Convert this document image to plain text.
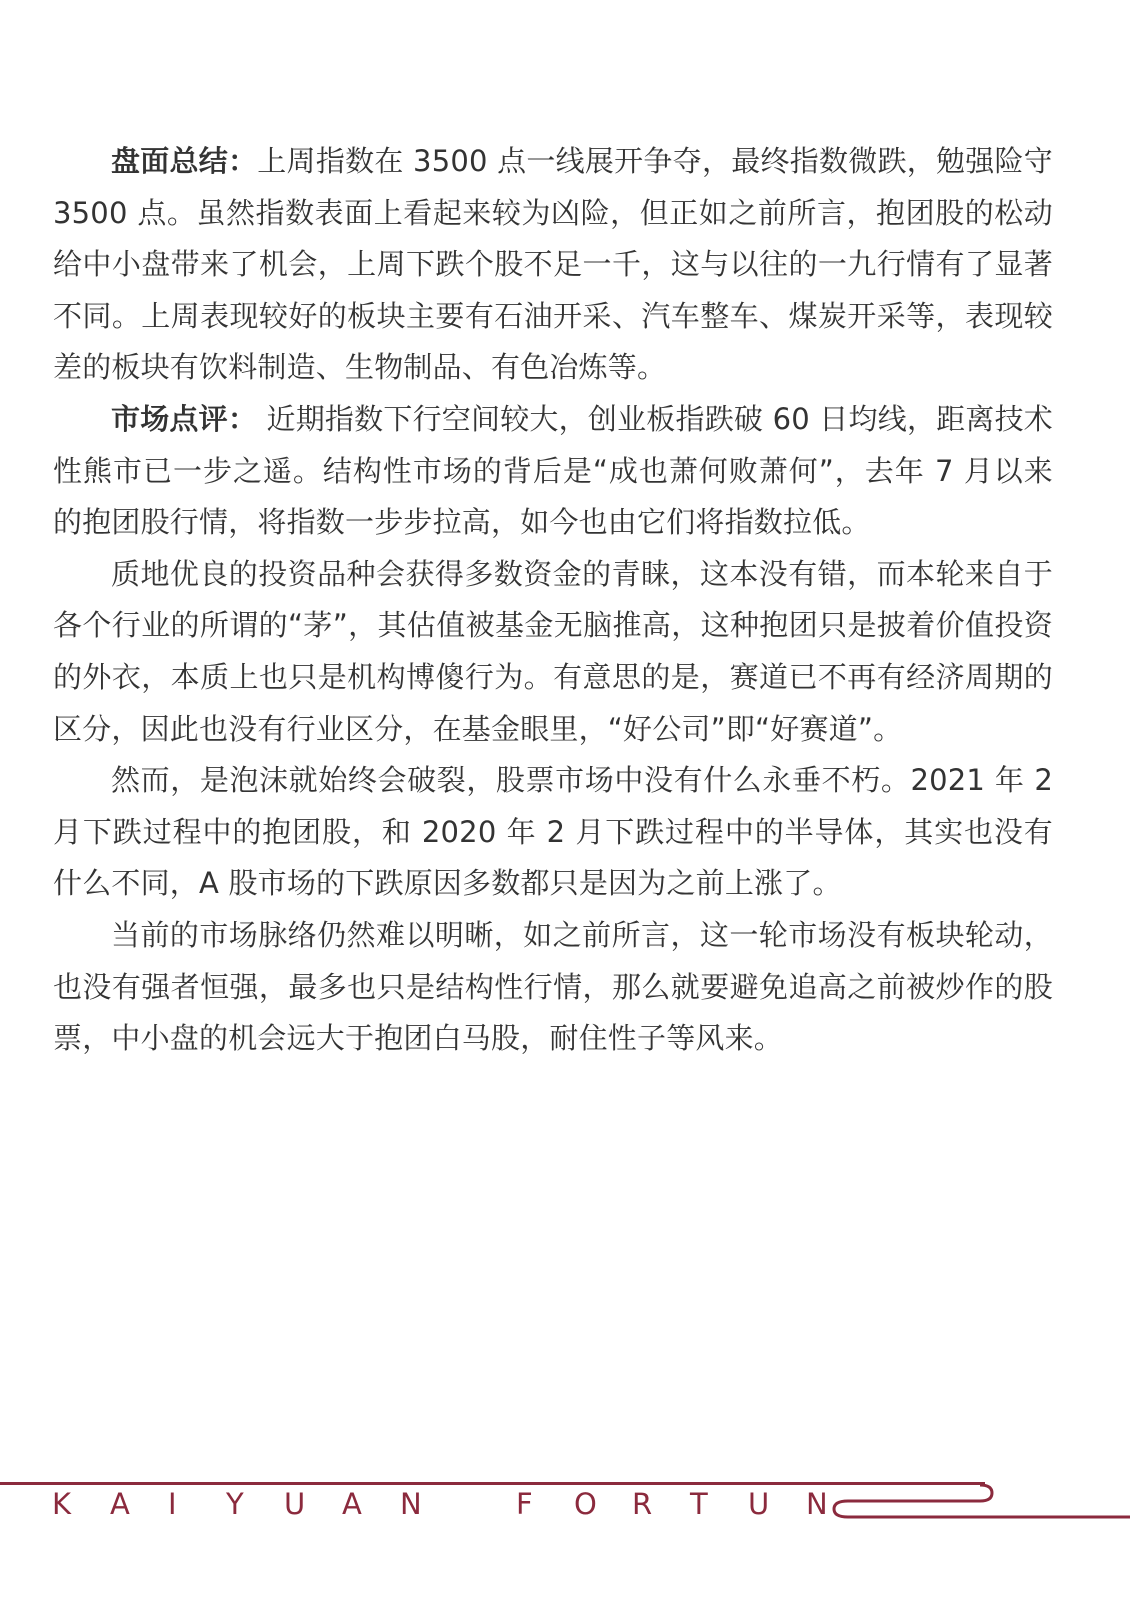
盘面总结：上周指数在 3500 点一线展开争夺，最终指数微跌，勉强险守 3500 点。虽然指数表面上看起来较为凶险，但正如之前所言，抱团股的松动给中小盘带来了机会，上周下跌个股不足一千，这与以往的一九行情有了显著不同。上周表现较好的板块主要有石油开采、汽车整车、煤炭开采等，表现较差的板块有饮料制造、生物制品、有色冶炼等。

市场点评： 近期指数下行空间较大，创业板指跌破 60 日均线，距离技术性熊市已一步之遥。结构性市场的背后是“成也萧何败萧何”，去年 7 月以来的抱团股行情，将指数一步步拉高，如今也由它们将指数拉低。

质地优良的投资品种会获得多数资金的青睐，这本没有错，而本轮来自于各个行业的所谓的“茅”，其估值被基金无脑推高，这种抱团只是披着价值投资的外衣，本质上也只是机构博傻行为。有意思的是，赛道已不再有经济周期的区分，因此也没有行业区分，在基金眼里，“好公司”即“好赛道”。

然而，是泡沫就始终会破裂，股票市场中没有什么永垂不朽。2021 年 2 月下跌过程中的抱团股，和 2020 年 2 月下跌过程中的半导体，其实也没有什么不同，A 股市场的下跌原因多数都只是因为之前上涨了。

当前的市场脉络仍然难以明晰，如之前所言，这一轮市场没有板块轮动，也没有强者恒强，最多也只是结构性行情，那么就要避免追高之前被炒作的股票，中小盘的机会远大于抱团白马股，耐住性子等风来。

K	A	I	Y	U	A	N	F	O	R	T	U	N
